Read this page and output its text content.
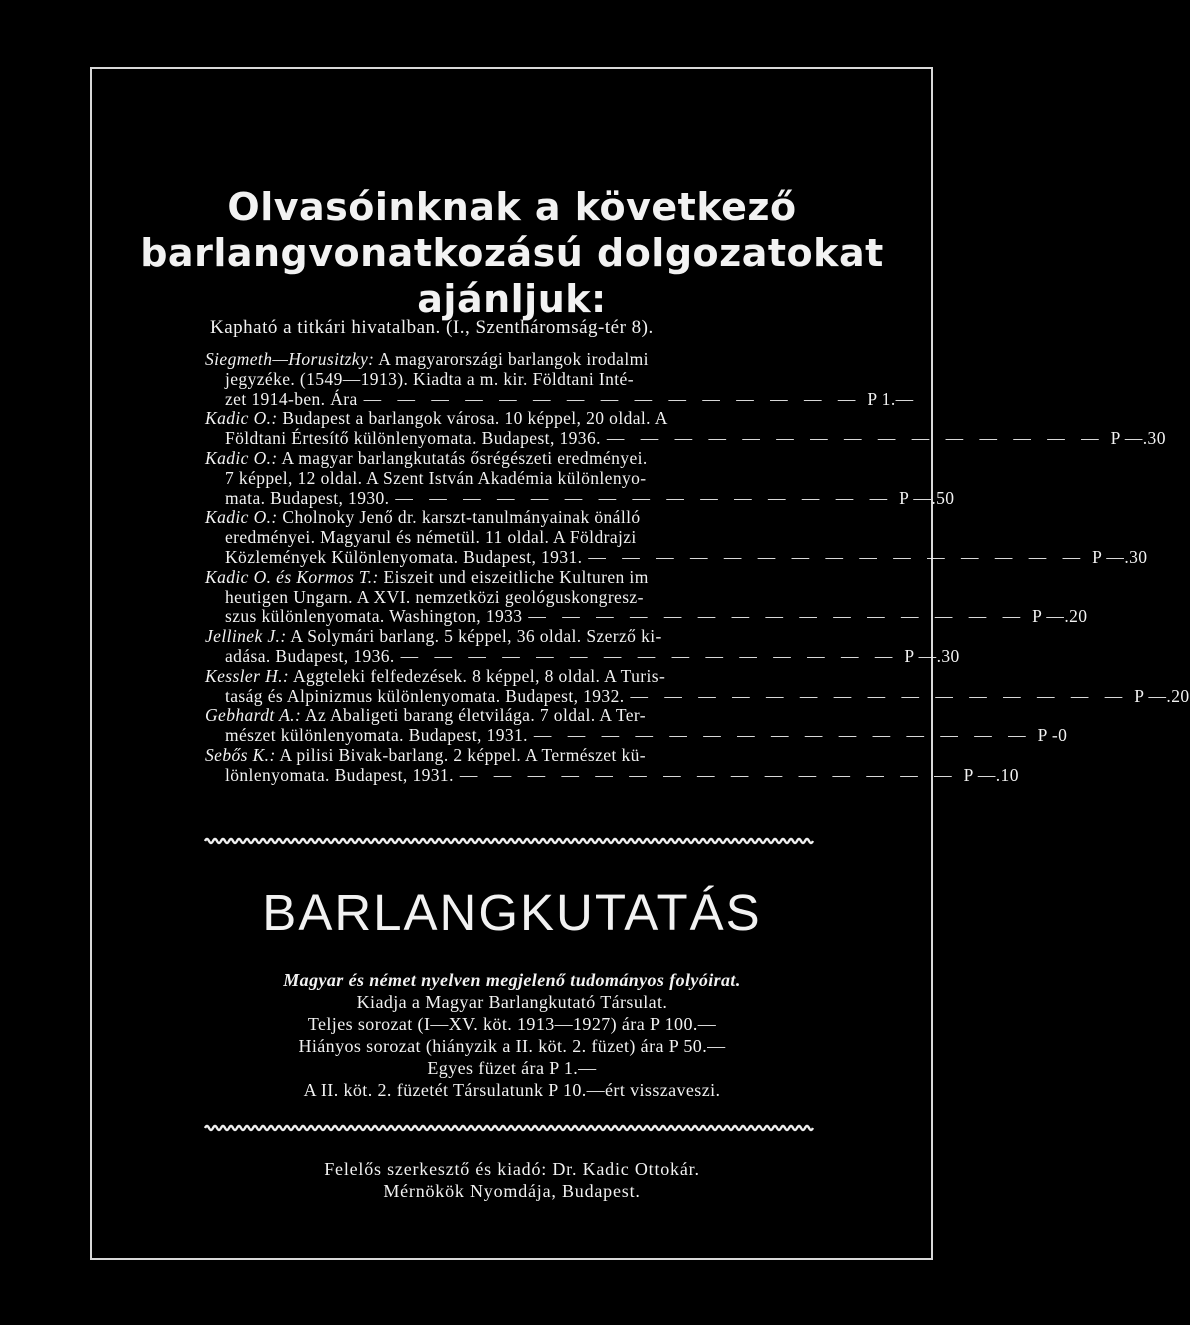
Olvasóinknak a következő
barlangvonatkozású dolgozatokat
ajánljuk:
Kapható a titkári hivatalban. (I., Szentháromság-tér 8).
Siegmeth—Horusitzky: A magyarországi barlangok irodalmi
jegyzéke. (1549—1913). Kiadta a m. kir. Földtani Inté-
zet 1914-ben. Ára — — — — — — — — — — — — — — — P 1.—
Kadic O.: Budapest a barlangok városa. 10 képpel, 20 oldal. A
Földtani Értesítő különlenyomata. Budapest, 1936. — — — — — — — — — — — — — — — P —.30
Kadic O.: A magyar barlangkutatás ősrégészeti eredményei.
7 képpel, 12 oldal. A Szent István Akadémia különlenyo-
mata. Budapest, 1930. — — — — — — — — — — — — — — — P —.50
Kadic O.: Cholnoky Jenő dr. karszt-tanulmányainak önálló
eredményei. Magyarul és németül. 11 oldal. A Földrajzi
Közlemények Különlenyomata. Budapest, 1931. — — — — — — — — — — — — — — — P —.30
Kadic O. és Kormos T.: Eiszeit und eiszeitliche Kulturen im
heutigen Ungarn. A XVI. nemzetközi geológuskongresz-
szus különlenyomata. Washington, 1933 — — — — — — — — — — — — — — — P —.20
Jellinek J.: A Solymári barlang. 5 képpel, 36 oldal. Szerző ki-
adása. Budapest, 1936. — — — — — — — — — — — — — — — P —.30
Kessler H.: Aggteleki felfedezések. 8 képpel, 8 oldal. A Turis-
taság és Alpinizmus különlenyomata. Budapest, 1932. — — — — — — — — — — — — — — — P —.20
Gebhardt A.: Az Abaligeti barang életvilága. 7 oldal. A Ter-
mészet különlenyomata. Budapest, 1931. — — — — — — — — — — — — — — — P -0
Sebős K.: A pilisi Bivak-barlang. 2 képpel. A Természet kü-
lönlenyomata. Budapest, 1931. — — — — — — — — — — — — — — — P —.10
BARLANGKUTATÁS
Magyar és német nyelven megjelenő tudományos folyóirat.
Kiadja a Magyar Barlangkutató Társulat.
Teljes sorozat (I—XV. köt. 1913—1927) ára P 100.—
Hiányos sorozat (hiányzik a II. köt. 2. füzet) ára P 50.—
Egyes füzet ára P 1.—
A II. köt. 2. füzetét Társulatunk P 10.—ért visszaveszi.
Felelős szerkesztő és kiadó: Dr. Kadic Ottokár.
Mérnökök Nyomdája, Budapest.
